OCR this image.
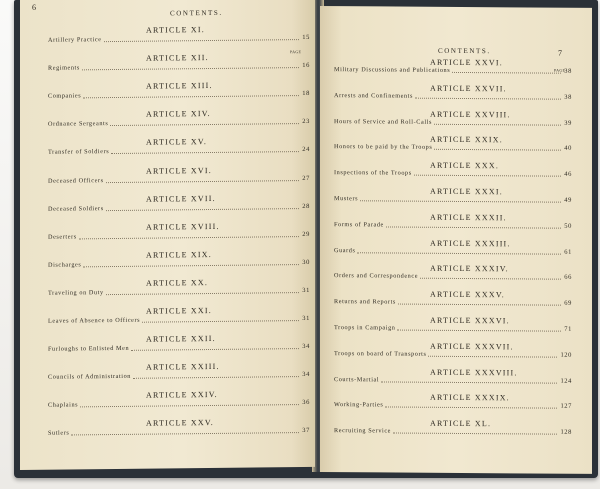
6
CONTENTS.
PAGE
ARTICLE XI.
Artillery Practice	15
ARTICLE XII.
Regiments	16
ARTICLE XIII.
Companies	18
ARTICLE XIV.
Ordnance Sergeants	23
ARTICLE XV.
Transfer of Soldiers	24
ARTICLE XVI.
Deceased Officers	27
ARTICLE XVII.
Deceased Soldiers	28
ARTICLE XVIII.
Deserters	29
ARTICLE XIX.
Discharges	30
ARTICLE XX.
Traveling on Duty	31
ARTICLE XXI.
Leaves of Absence to Officers	31
ARTICLE XXII.
Furloughs to Enlisted Men	34
ARTICLE XXIII.
Councils of Administration	34
ARTICLE XXIV.
Chaplains	36
ARTICLE XXV.
Sutlers	37
CONTENTS.	7
PAGE
ARTICLE XXVI.
Military Discussions and Publications	38
ARTICLE XXVII.
Arrests and Confinements	38
ARTICLE XXVIII.
Hours of Service and Roll-Calls	39
ARTICLE XXIX.
Honors to be paid by the Troops	40
ARTICLE XXX.
Inspections of the Troops	46
ARTICLE XXXI.
Musters	49
ARTICLE XXXII.
Forms of Parade	50
ARTICLE XXXIII.
Guards	61
ARTICLE XXXIV.
Orders and Correspondence	66
ARTICLE XXXV.
Returns and Reports	69
ARTICLE XXXVI.
Troops in Campaign	71
ARTICLE XXXVII.
Troops on board of Transports	120
ARTICLE XXXVIII.
Courts-Martial	124
ARTICLE XXXIX.
Working-Parties	127
ARTICLE XL.
Recruiting Service	128
